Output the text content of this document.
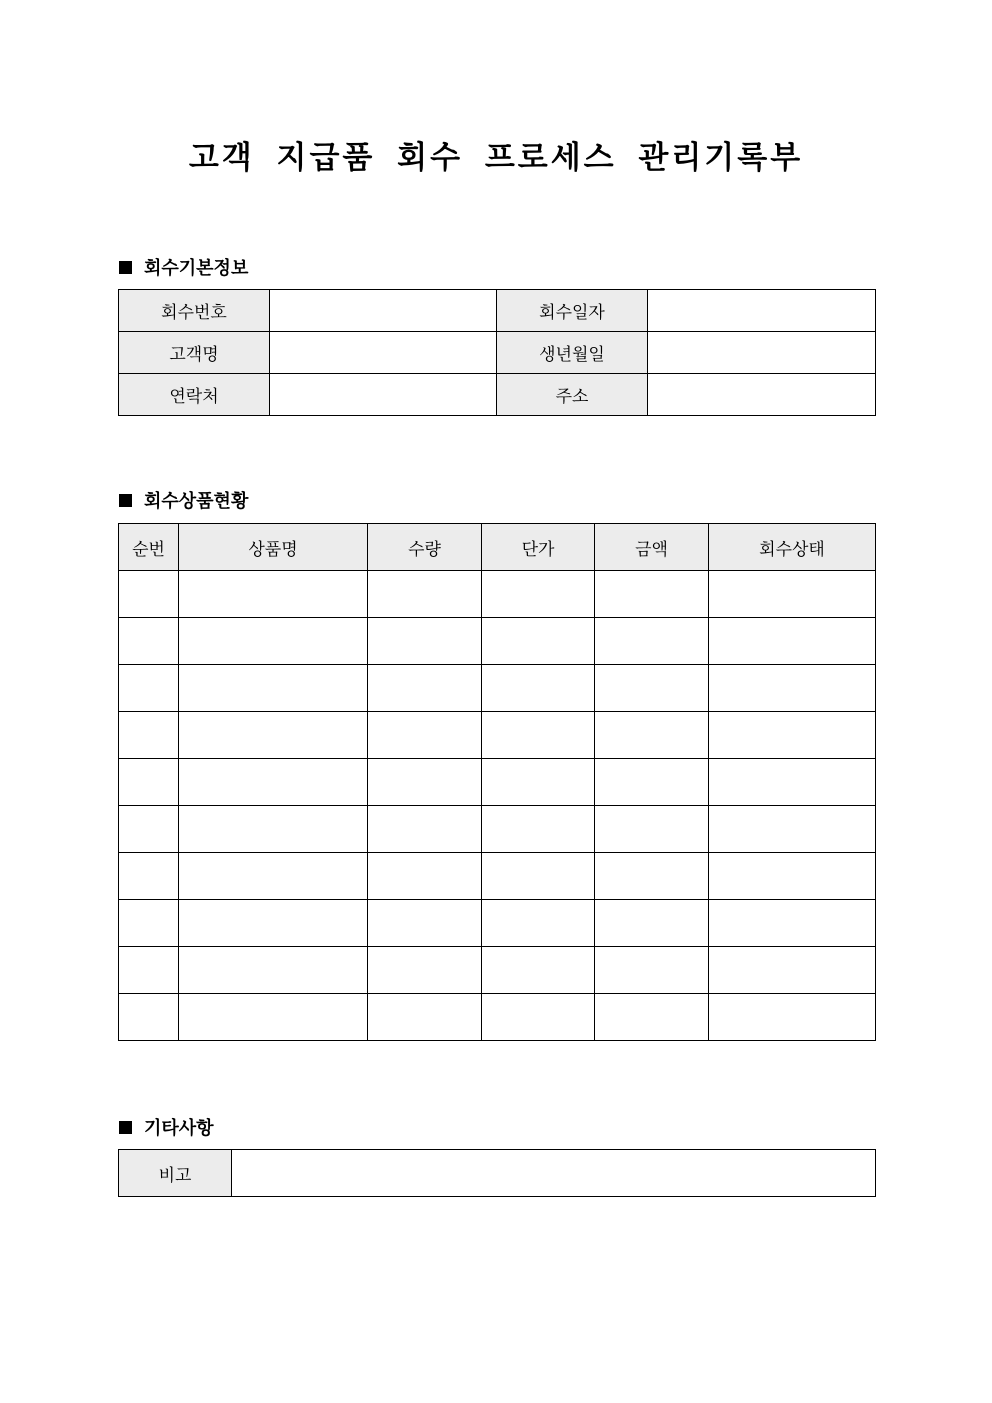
고객 지급품 회수 프로세스 관리기록부
회수기본정보
회수번호		회수일자	
고객명		생년월일	
연락처		주소	
회수상품현황
순번	상품명	수량	단가	금액	회수상태

기타사항
비고	
